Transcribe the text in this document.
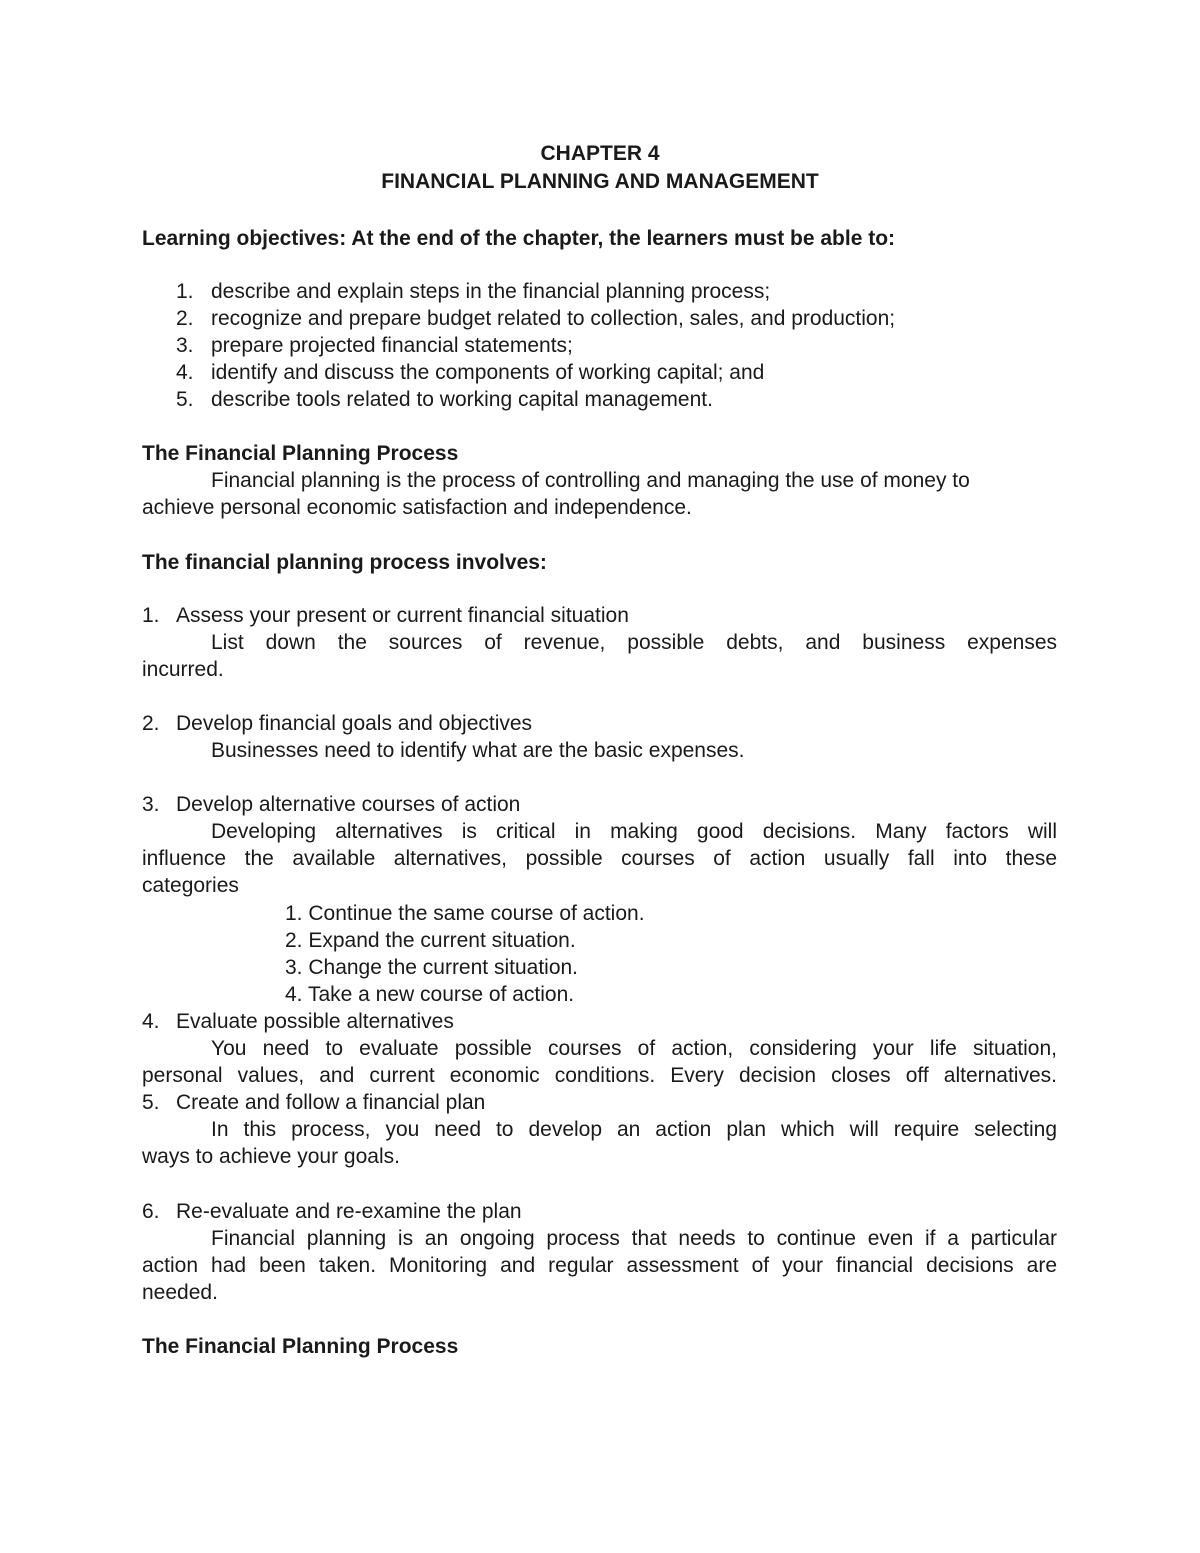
CHAPTER 4
FINANCIAL PLANNING AND MANAGEMENT
Learning objectives: At the end of the chapter, the learners must be able to:
1. describe and explain steps in the financial planning process;
2. recognize and prepare budget related to collection, sales, and production;
3. prepare projected financial statements;
4. identify and discuss the components of working capital; and
5. describe tools related to working capital management.
The Financial Planning Process
Financial planning is the process of controlling and managing the use of money to
achieve personal economic satisfaction and independence.
The financial planning process involves:
1. Assess your present or current financial situation
List down the sources of revenue, possible debts, and business expenses
incurred.
2. Develop financial goals and objectives
Businesses need to identify what are the basic expenses.
3. Develop alternative courses of action
Developing alternatives is critical in making good decisions. Many factors will
influence the available alternatives, possible courses of action usually fall into these
categories
1. Continue the same course of action.
2. Expand the current situation.
3. Change the current situation.
4. Take a new course of action.
4. Evaluate possible alternatives
You need to evaluate possible courses of action, considering your life situation,
personal values, and current economic conditions. Every decision closes off alternatives.
5. Create and follow a financial plan
In this process, you need to develop an action plan which will require selecting
ways to achieve your goals.
6. Re-evaluate and re-examine the plan
Financial planning is an ongoing process that needs to continue even if a particular
action had been taken. Monitoring and regular assessment of your financial decisions are
needed.
The Financial Planning Process
